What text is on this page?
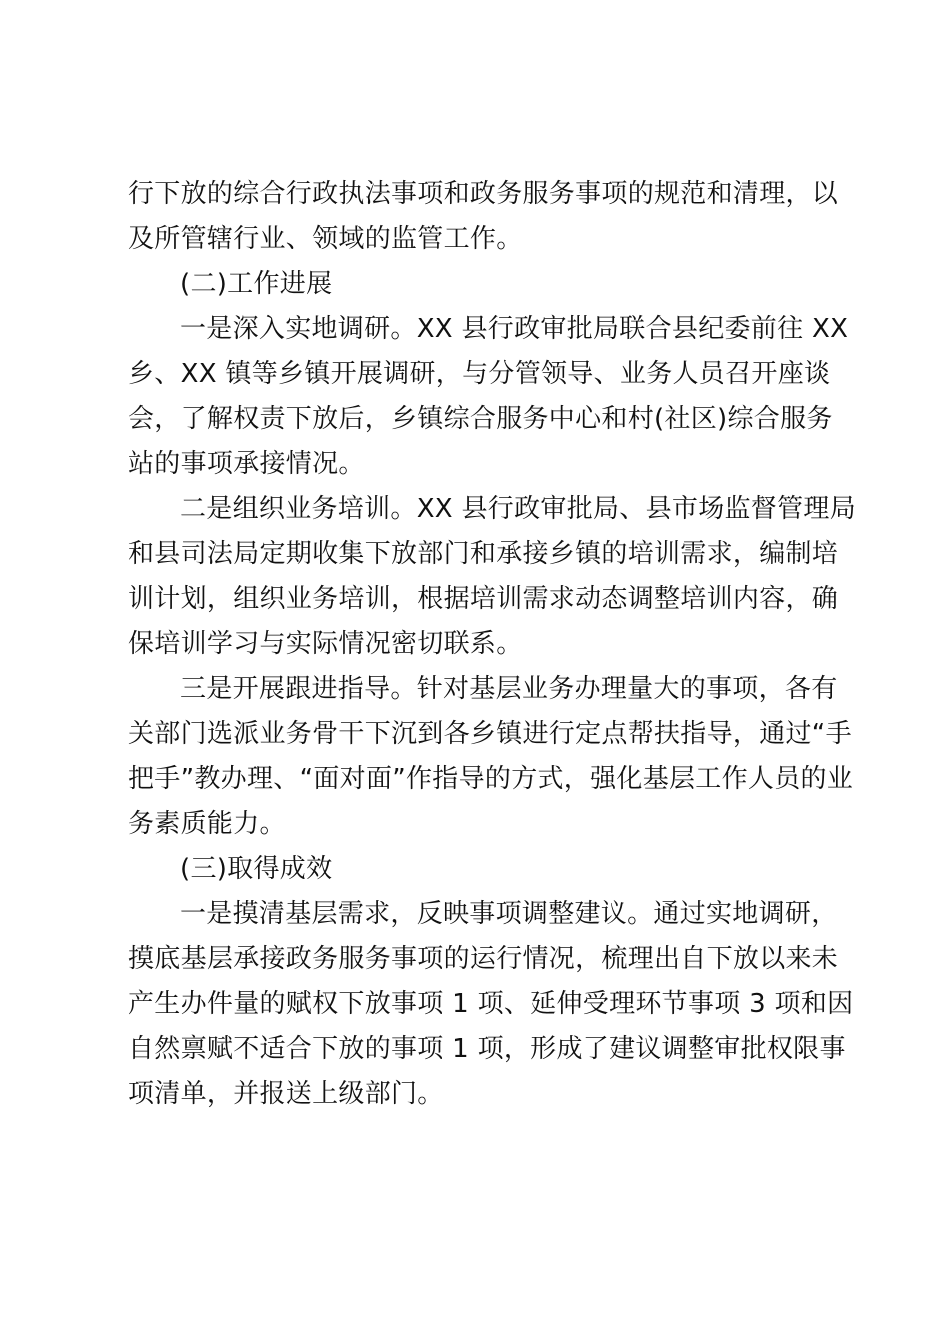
行下放的综合行政执法事项和政务服务事项的规范和清理，以
及所管辖行业、领域的监管工作。
(二)工作进展
一是深入实地调研。XX 县行政审批局联合县纪委前往 XX
乡、XX 镇等乡镇开展调研，与分管领导、业务人员召开座谈
会，了解权责下放后，乡镇综合服务中心和村(社区)综合服务
站的事项承接情况。
二是组织业务培训。XX 县行政审批局、县市场监督管理局
和县司法局定期收集下放部门和承接乡镇的培训需求，编制培
训计划，组织业务培训，根据培训需求动态调整培训内容，确
保培训学习与实际情况密切联系。
三是开展跟进指导。针对基层业务办理量大的事项，各有
关部门选派业务骨干下沉到各乡镇进行定点帮扶指导，通过“手
把手”教办理、“面对面”作指导的方式，强化基层工作人员的业
务素质能力。
(三)取得成效
一是摸清基层需求，反映事项调整建议。通过实地调研，
摸底基层承接政务服务事项的运行情况，梳理出自下放以来未
产生办件量的赋权下放事项 1 项、延伸受理环节事项 3 项和因
自然禀赋不适合下放的事项 1 项，形成了建议调整审批权限事
项清单，并报送上级部门。
